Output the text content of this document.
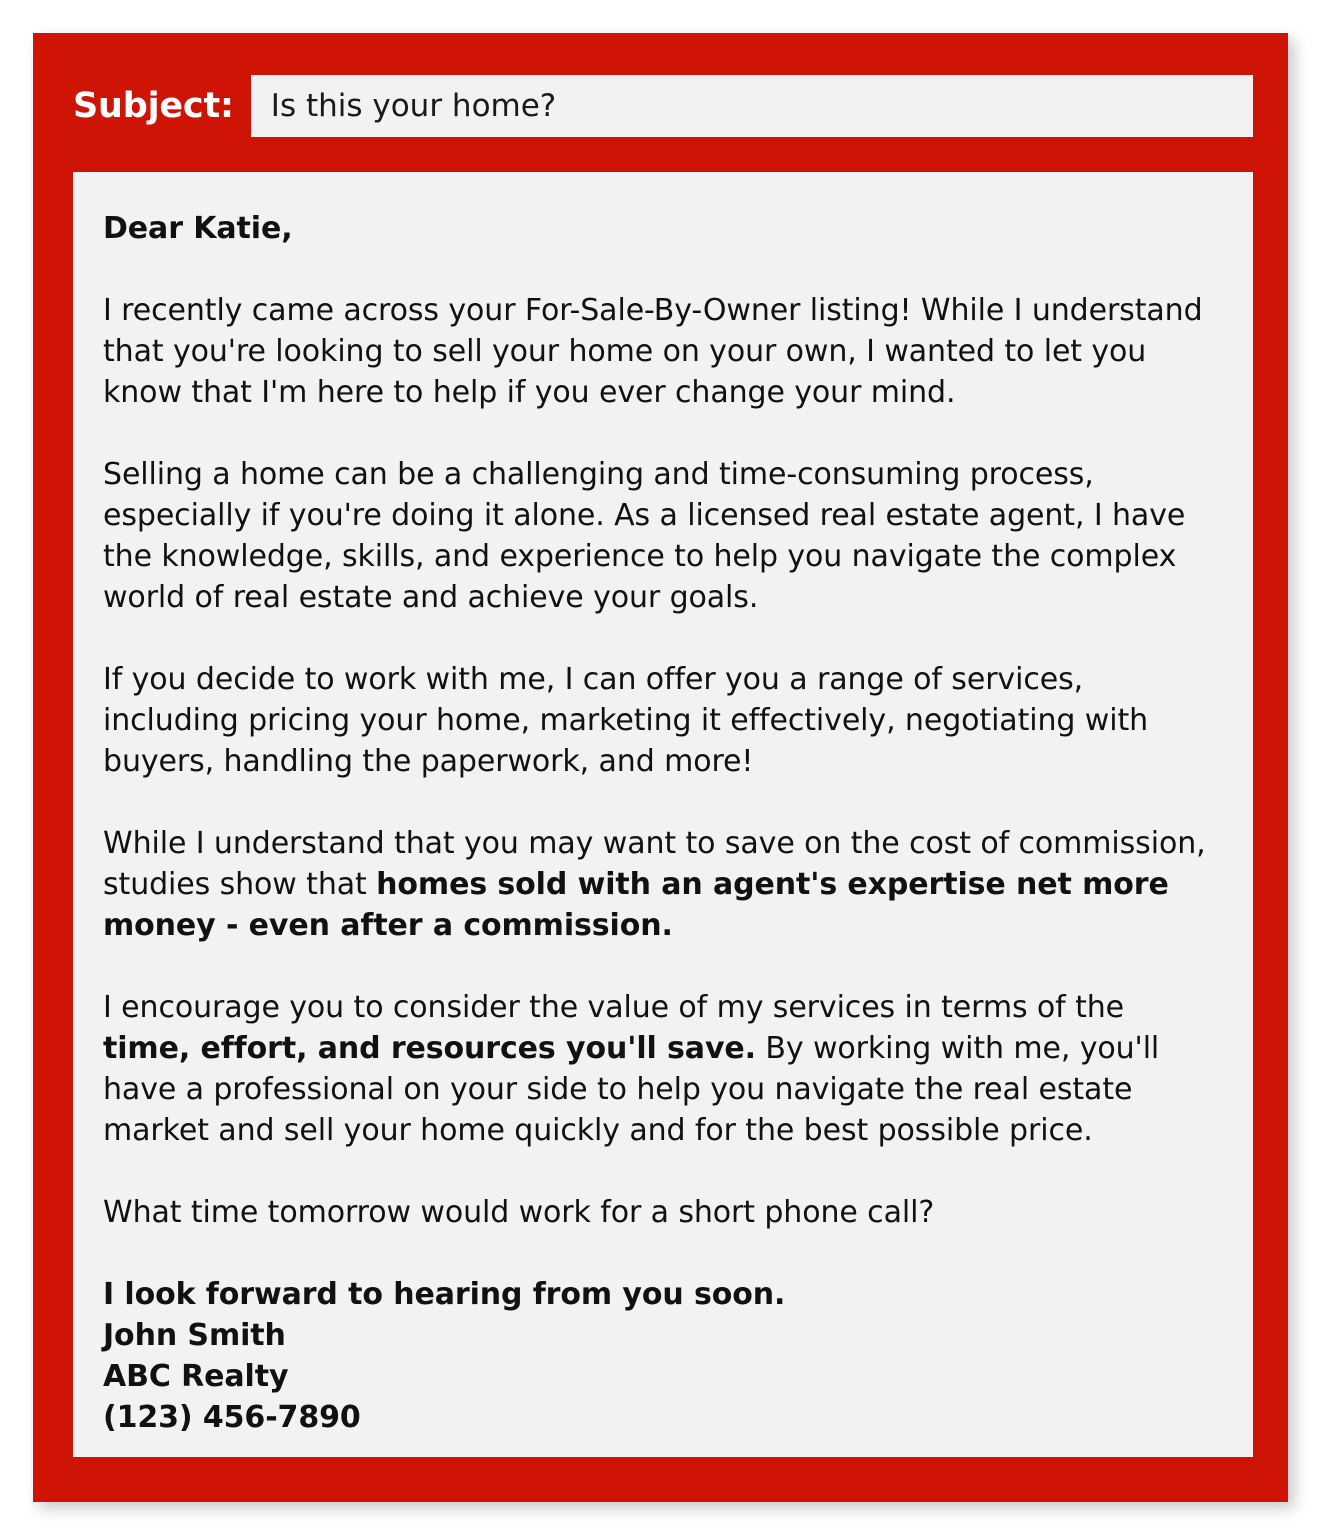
Subject:
Is this your home?

Dear Katie,

I recently came across your For-Sale-By-Owner listing! While I understand that you're looking to sell your home on your own, I wanted to let you know that I'm here to help if you ever change your mind.

Selling a home can be a challenging and time-consuming process, especially if you're doing it alone. As a licensed real estate agent, I have the knowledge, skills, and experience to help you navigate the complex world of real estate and achieve your goals.

If you decide to work with me, I can offer you a range of services, including pricing your home, marketing it effectively, negotiating with buyers, handling the paperwork, and more!

While I understand that you may want to save on the cost of commission, studies show that homes sold with an agent's expertise net more money - even after a commission.

I encourage you to consider the value of my services in terms of the time, effort, and resources you'll save. By working with me, you'll have a professional on your side to help you navigate the real estate market and sell your home quickly and for the best possible price.

What time tomorrow would work for a short phone call?

I look forward to hearing from you soon.
John Smith
ABC Realty
(123) 456-7890
